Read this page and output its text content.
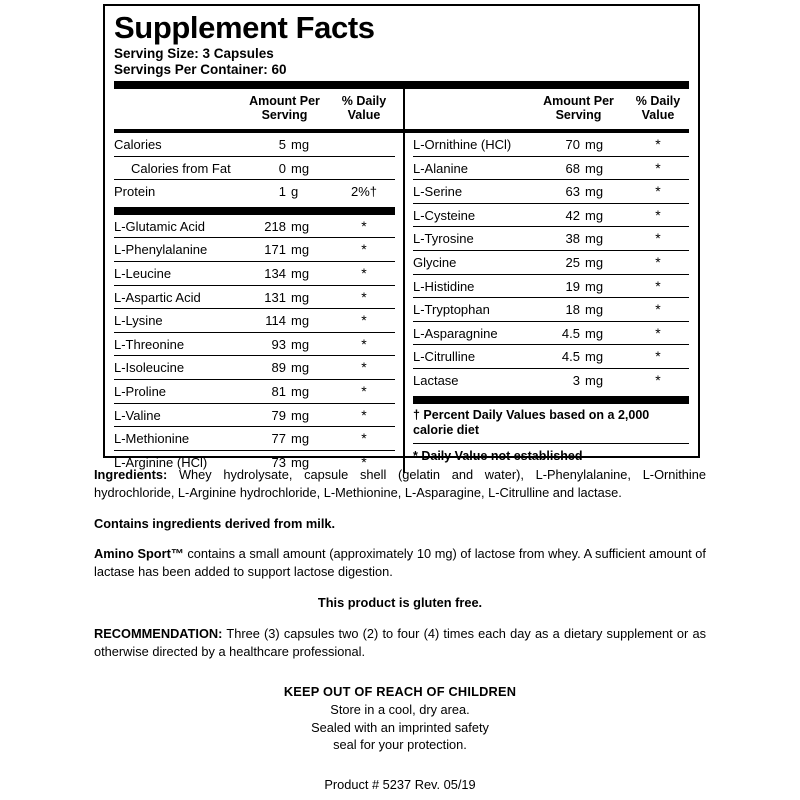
Supplement Facts
Serving Size: 3 Capsules
Servings Per Container: 60
Amount Per
Serving
% Daily
Value
Amount Per
Serving
% Daily
Value
Calories	5 mg
Calories from Fat	0 mg
Protein	1 g	2%†
L-Glutamic Acid	218 mg	*
L-Phenylalanine	171 mg	*
L-Leucine	134 mg	*
L-Aspartic Acid	131 mg	*
L-Lysine	114 mg	*
L-Threonine	93 mg	*
L-Isoleucine	89 mg	*
L-Proline	81 mg	*
L-Valine	79 mg	*
L-Methionine	77 mg	*
L-Arginine (HCl)	73 mg	*
L-Ornithine (HCl)	70 mg	*
L-Alanine	68 mg	*
L-Serine	63 mg	*
L-Cysteine	42 mg	*
L-Tyrosine	38 mg	*
Glycine	25 mg	*
L-Histidine	19 mg	*
L-Tryptophan	18 mg	*
L-Asparagnine	4.5 mg	*
L-Citrulline	4.5 mg	*
Lactase	3 mg	*
† Percent Daily Values based on a 2,000 calorie diet
* Daily Value not established
Ingredients: Whey hydrolysate, capsule shell (gelatin and water), L-Phenylalanine, L-Ornithine hydrochloride, L-Arginine hydrochloride, L-Methionine, L-Asparagine, L-Citrulline and lactase.
Contains ingredients derived from milk.
Amino Sport™ contains a small amount (approximately 10 mg) of lactose from whey. A sufficient amount of lactase has been added to support lactose digestion.
This product is gluten free.
RECOMMENDATION: Three (3) capsules two (2) to four (4) times each day as a dietary supplement or as otherwise directed by a healthcare professional.
KEEP OUT OF REACH OF CHILDREN
Store in a cool, dry area.
Sealed with an imprinted safety
seal for your protection.
Product # 5237 Rev. 05/19
